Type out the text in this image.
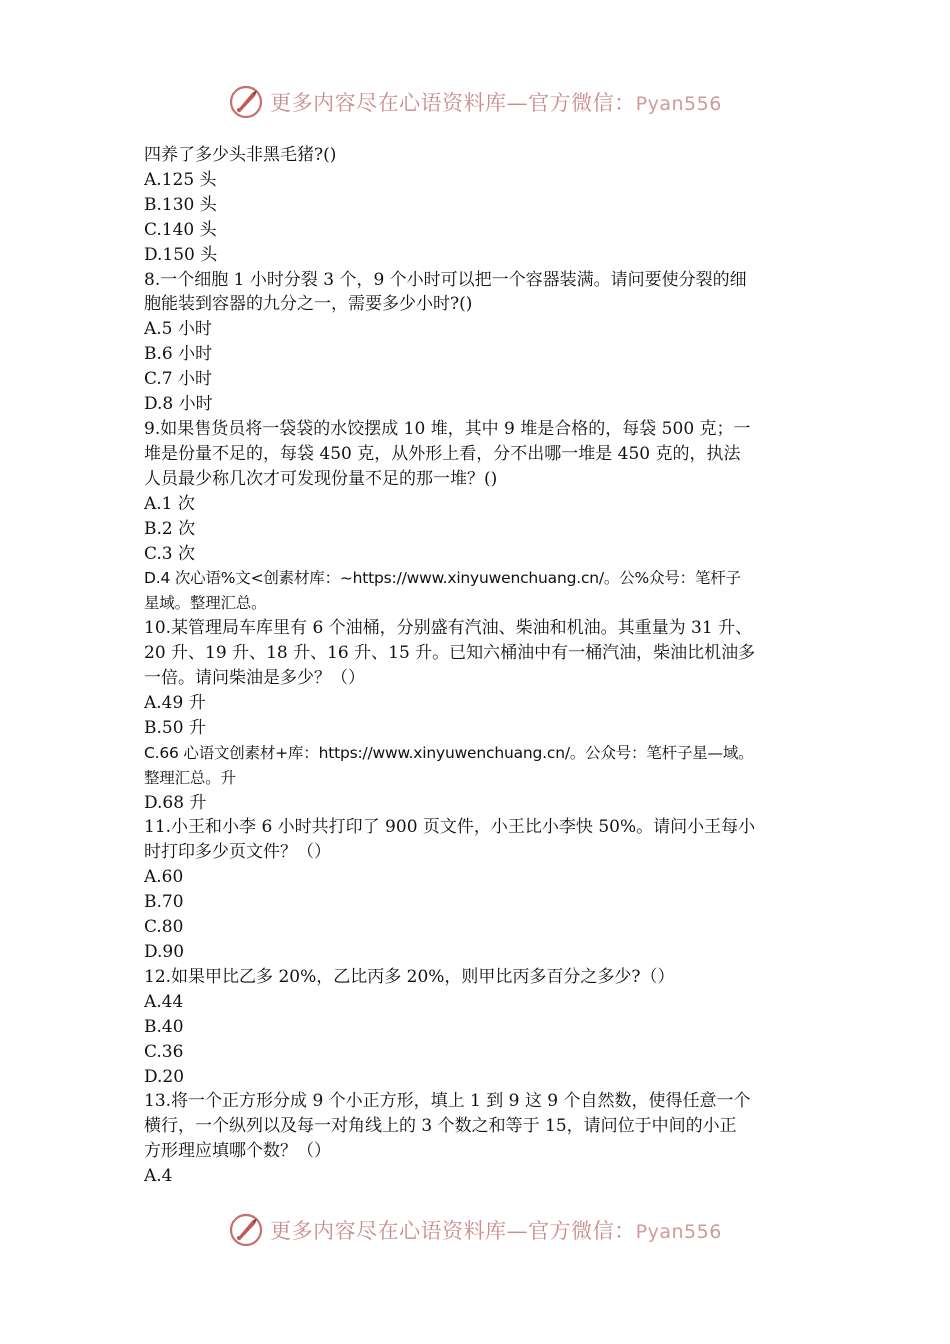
更多内容尽在心语资料库—官方微信：Pyan556
四养了多少头非黑毛猪?()
A.125 头
B.130 头
C.140 头
D.150 头
8.一个细胞 1 小时分裂 3 个，9 个小时可以把一个容器装满。请问要使分裂的细
胞能装到容器的九分之一，需要多少小时?()
A.5 小时
B.6 小时
C.7 小时
D.8 小时
9.如果售货员将一袋袋的水饺摆成 10 堆，其中 9 堆是合格的，每袋 500 克；一
堆是份量不足的，每袋 450 克，从外形上看，分不出哪一堆是 450 克的，执法
人员最少称几次才可发现份量不足的那一堆？()
A.1 次
B.2 次
C.3 次
D.4 次心语%文<创素材库：~https://www.xinyuwenchuang.cn/。公%众号：笔杆子
星域。整理汇总。
10.某管理局车库里有 6 个油桶，分别盛有汽油、柴油和机油。其重量为 31 升、
20 升、19 升、18 升、16 升、15 升。已知六桶油中有一桶汽油，柴油比机油多
一倍。请问柴油是多少？（）
A.49 升
B.50 升
C.66 心语文创素材+库：https://www.xinyuwenchuang.cn/。公众号：笔杆子星—域。
整理汇总。升
D.68 升
11.小王和小李 6 小时共打印了 900 页文件，小王比小李快 50%。请问小王每小
时打印多少页文件？（）
A.60
B.70
C.80
D.90
12.如果甲比乙多 20%，乙比丙多 20%，则甲比丙多百分之多少?（）
A.44
B.40
C.36
D.20
13.将一个正方形分成 9 个小正方形，填上 1 到 9 这 9 个自然数，使得任意一个
横行，一个纵列以及每一对角线上的 3 个数之和等于 15，请问位于中间的小正
方形理应填哪个数？（）
A.4
更多内容尽在心语资料库—官方微信：Pyan556
